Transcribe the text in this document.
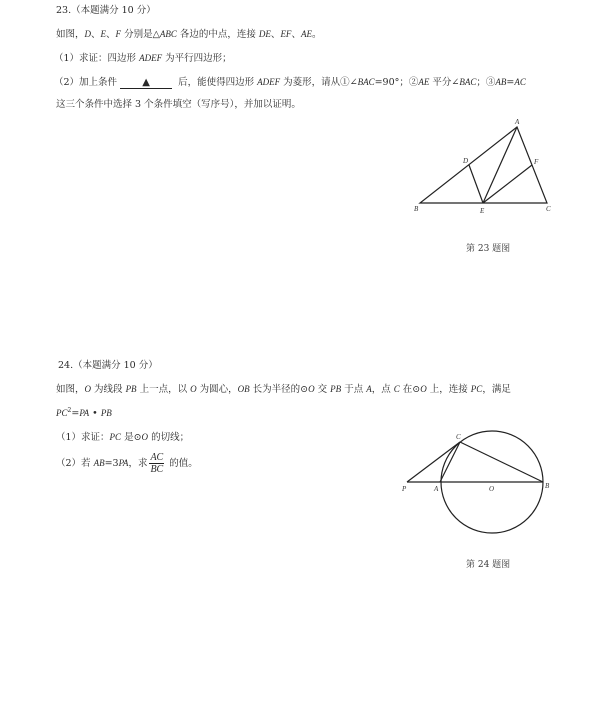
23.（本题满分 10 分）
如图，D、E、F 分别是△ABC 各边的中点，连接 DE、EF、AE。
（1）求证：四边形 ADEF 为平行四边形；
（2）加上条件	▲	后，能使得四边形 ADEF 为菱形，请从①∠BAC=90°；②AE 平分∠BAC；③AB=AC
这三个条件中选择 3 个条件填空（写序号），并加以证明。
A
B	C
D
E
F
第 23 题图
24.（本题满分 10 分）
如图，O 为线段 PB 上一点，以 O 为圆心，OB 长为半径的⊙O 交 PB 于点 A，点 C 在⊙O 上，连接 PC，满足
$PC^2=PA$ • PB
（1）求证：PC 是⊙O 的切线；
（2）若 AB=3PA，求 $\frac{AC}{BC}$ 的值。
P	A	O	B
C
第 24 题图
